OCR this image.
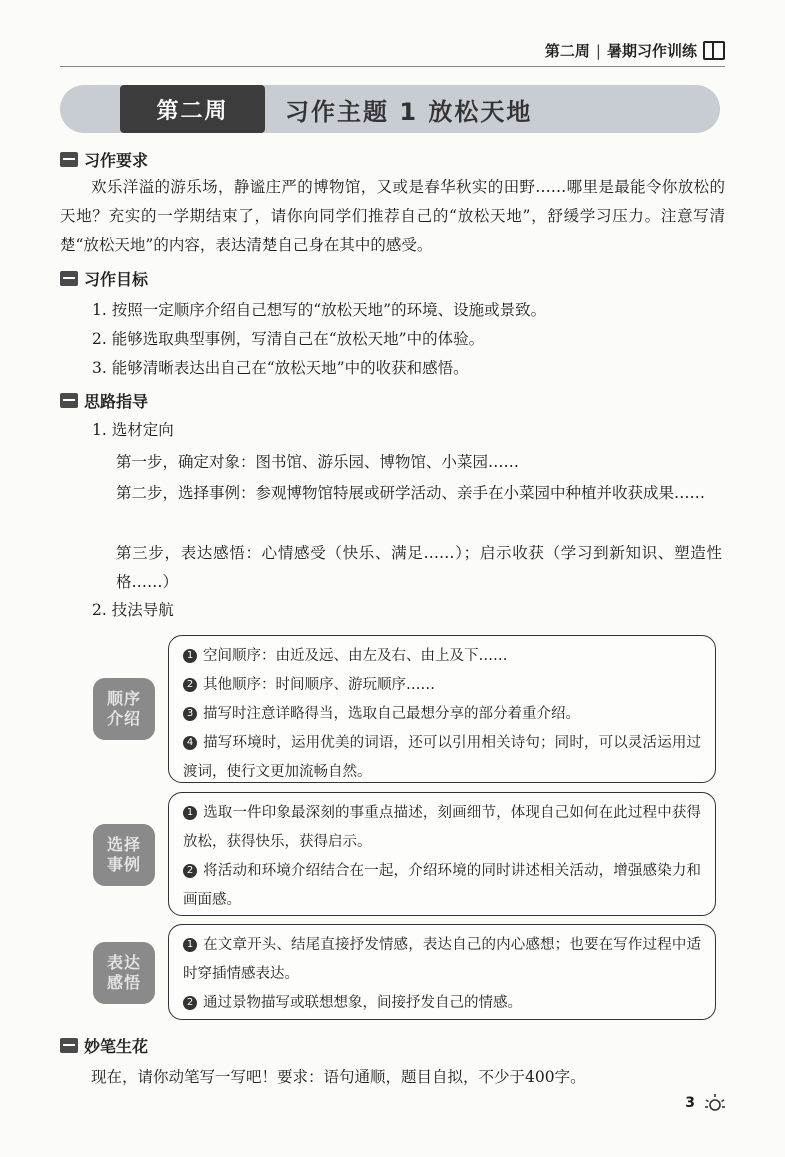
第二周 | 暑期习作训练
第二周	习作主题 1 放松天地
习作要求
欢乐洋溢的游乐场，静谧庄严的博物馆，又或是春华秋实的田野……哪里是最能令你放松的天地？充实的一学期结束了，请你向同学们推荐自己的“放松天地”，舒缓学习压力。注意写清楚“放松天地”的内容，表达清楚自己身在其中的感受。
习作目标
1. 按照一定顺序介绍自己想写的“放松天地”的环境、设施或景致。
2. 能够选取典型事例，写清自己在“放松天地”中的体验。
3. 能够清晰表达出自己在“放松天地”中的收获和感悟。
思路指导
1. 选材定向
第一步，确定对象：图书馆、游乐园、博物馆、小菜园……
第二步，选择事例：参观博物馆特展或研学活动、亲手在小菜园中种植并收获成果……
第三步，表达感悟：心情感受（快乐、满足……）；启示收获（学习到新知识、塑造性格……）
2. 技法导航
顺序介绍
1 空间顺序：由近及远、由左及右、由上及下……
2 其他顺序：时间顺序、游玩顺序……
3 描写时注意详略得当，选取自己最想分享的部分着重介绍。
4 描写环境时，运用优美的词语，还可以引用相关诗句；同时，可以灵活运用过渡词，使行文更加流畅自然。
选择事例
1 选取一件印象最深刻的事重点描述，刻画细节，体现自己如何在此过程中获得放松，获得快乐，获得启示。
2 将活动和环境介绍结合在一起，介绍环境的同时讲述相关活动，增强感染力和画面感。
表达感悟
1 在文章开头、结尾直接抒发情感，表达自己的内心感想；也要在写作过程中适时穿插情感表达。
2 通过景物描写或联想想象，间接抒发自己的情感。
妙笔生花
现在，请你动笔写一写吧！要求：语句通顺，题目自拟，不少于400字。
3
